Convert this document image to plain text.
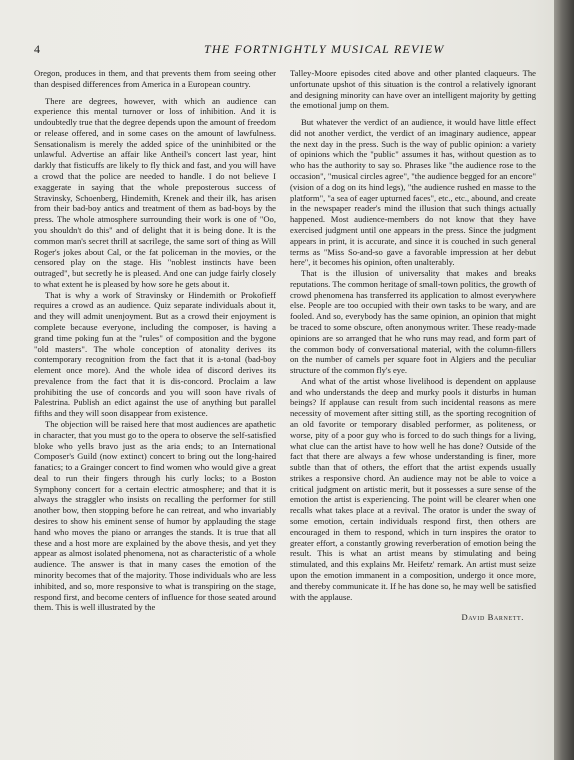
4	THE FORTNIGHTLY MUSICAL REVIEW

Oregon, produces in them, and that prevents them from seeing other than despised differences from America in a European country.

There are degrees, however, with which an audience can experience this mental turnover or loss of inhibition. And it is undoubtedly true that the degree depends upon the amount of freedom or release offered, and in some cases on the amount of lawfulness. Sensationalism is merely the added spice of the uninhibited or the unlawful. Advertise an affair like Antheil's concert last year, hint darkly that fisticuffs are likely to fly thick and fast, and you will have a crowd that the police are needed to handle. I do not believe I exaggerate in saying that the whole preposterous success of Stravinsky, Schoenberg, Hindemith, Krenek and their ilk, has arisen from their bad-boy antics and treatment of them as bad-boys by the press. The whole atmosphere surrounding their work is one of "Oo, you shouldn't do this" and of delight that it is being done. It is the common man's secret thrill at sacrilege, the same sort of thing as Will Roger's jokes about Cal, or the fat policeman in the movies, or the censored play on the stage. His "noblest instincts have been outraged", but secretly he is pleased. And one can judge fairly closely to what extent he is pleased by how sore he gets about it.

That is why a work of Stravinsky or Hindemith or Prokofieff requires a crowd as an audience. Quiz separate individuals about it, and they will admit unenjoyment. But as a crowd their enjoyment is complete because everyone, including the composer, is having a grand time poking fun at the "rules" of composition and the bygone "old masters". The whole conception of atonality derives its contemporary recognition from the fact that it is a-tonal (bad-boy element once more). And the whole idea of discord derives its prevalence from the fact that it is dis-concord. Proclaim a law prohibiting the use of concords and you will soon have rivals of Palestrina. Publish an edict against the use of anything but parallel fifths and they will soon disappear from existence.

The objection will be raised here that most audiences are apathetic in character, that you must go to the opera to observe the self-satisfied bloke who yells bravo just as the aria ends; to an International Composer's Guild (now extinct) concert to bring out the long-haired fanatics; to a Grainger concert to find women who would give a great deal to run their fingers through his curly locks; to a Boston Symphony concert for a certain electric atmosphere; and that it is always the straggler who insists on recalling the performer for still another bow, then stopping before he can retreat, and who invariably desires to show his eminent sense of humor by applauding the stage hand who moves the piano or arranges the stands. It is true that all these and a host more are explained by the above thesis, and yet they appear as almost isolated phenomena, not as characteristic of a whole audience. The answer is that in many cases the emotion of the minority becomes that of the majority. Those individuals who are less inhibited, and so, more responsive to what is transpiring on the stage, respond first, and become centers of influence for those seated around them. This is well illustrated by the

Talley-Moore episodes cited above and other planted claqueurs. The unfortunate upshot of this situation is the control a relatively ignorant and designing minority can have over an intelligent majority by getting the emotional jump on them.

But whatever the verdict of an audience, it would have little effect did not another verdict, the verdict of an imaginary audience, appear the next day in the press. Such is the way of public opinion: a variety of opinions which the "public" assumes it has, without question as to who has the authority to say so. Phrases like "the audience rose to the occasion", "musical circles agree", "the audience begged for an encore" (vision of a dog on its hind legs), "the audience rushed en masse to the platform", "a sea of eager upturned faces", etc., etc., abound, and create in the newspaper reader's mind the illusion that such things actually happened. Most audience-members do not know that they have exercised judgment until one appears in the press. Since the judgment appears in print, it is accurate, and since it is couched in such general terms as "Miss So-and-so gave a favorable impression at her debut here", it becomes his opinion, often unalterably.

That is the illusion of universality that makes and breaks reputations. The common heritage of small-town politics, the growth of crowd phenomena has transferred its application to almost everywhere else. People are too occupied with their own tasks to be wary, and are fooled. And so, everybody has the same opinion, an opinion that might be traced to some obscure, often anonymous writer. These ready-made opinions are so arranged that he who runs may read, and form part of the common body of conversational material, with the column-fillers on the number of camels per square foot in Algiers and the peculiar structure of the common fly's eye.

And what of the artist whose livelihood is dependent on applause and who understands the deep and murky pools it disturbs in human beings? If applause can result from such incidental reasons as mere necessity of movement after sitting still, as the sporting recognition of an old favorite or temporary disabled performer, as politeness, or worse, pity of a poor guy who is forced to do such things for a living, what clue can the artist have to how well he has done? Outside of the fact that there are always a few whose understanding is finer, more subtle than that of others, the effort that the artist expends usually strikes a responsive chord. An audience may not be able to voice a critical judgment on artistic merit, but it possesses a sure sense of the emotion the artist is experiencing. The point will be clearer when one recalls what takes place at a revival. The orator is under the sway of some emotion, certain individuals respond first, then others are encouraged in them to respond, which in turn inspires the orator to greater effort, a constantly growing reverberation of emotion being the result. This is what an artist means by stimulating and being stimulated, and this explains Mr. Heifetz' remark. An artist must seize upon the emotion immanent in a composition, undergo it once more, and thereby communicate it. If he has done so, he may well be satisfied with the applause.

David Barnett.
